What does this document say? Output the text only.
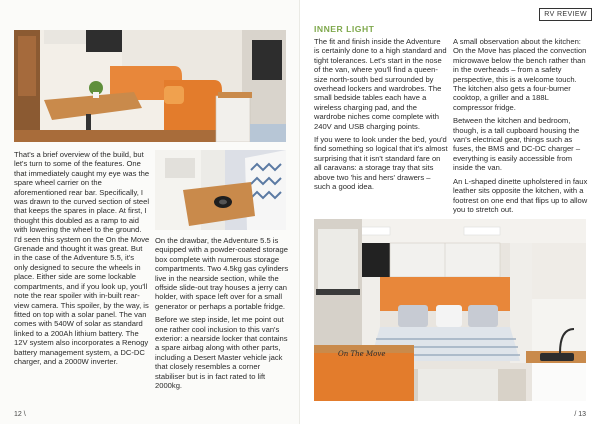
That's a brief overview of the build, but let's turn to some of the features. One that immediately caught my eye was the spare wheel carrier on the aforementioned rear bar. Specifically, I was drawn to the curved section of steel that keeps the spares in place. At first, I thought this doubled as a ramp to aid with lowering the wheel to the ground. I'd seen this system on the On the Move Grenade and thought it was great. But in the case of the Adventure 5.5, it's only designed to secure the wheels in place. Either side are some lockable compartments, and if you look up, you'll note the rear spoiler with in-built rear-view camera. This spoiler, by the way, is fitted on top with a solar panel. The van comes with 540W of solar as standard linked to a 200Ah lithium battery. The 12V system also incorporates a Renogy battery management system, a DC-DC charger, and a 2000W inverter.

On the drawbar, the Adventure 5.5 is equipped with a powder-coated storage box complete with numerous storage compartments. Two 4.5kg gas cylinders live in the nearside section, while the offside slide-out tray houses a jerry can holder, with space left over for a small generator or perhaps a portable fridge.

Before we step inside, let me point out one rather cool inclusion to this van's exterior: a nearside locker that contains a spare airbag along with other parts, including a Desert Master vehicle jack that closely resembles a corner stabiliser but is in fact rated to lift 2000kg.

12 \
RV REVIEW
INNER LIGHT

The fit and finish inside the Adventure is certainly done to a high standard and tight tolerances. Let's start in the nose of the van, where you'll find a queen-size north-south bed surrounded by overhead lockers and wardrobes. The small bedside tables each have a wireless charging pad, and the wardrobe niches come complete with 240V and USB charging points.

If you were to look under the bed, you'd find something so logical that it's almost surprising that it isn't standard fare on all caravans: a storage tray that sits above two 'his and hers' drawers – such a good idea.

A small observation about the kitchen: On the Move has placed the convection microwave below the bench rather than in the overheads – from a safety perspective, this is a welcome touch. The kitchen also gets a four-burner cooktop, a griller and a 188L compressor fridge.

Between the kitchen and bedroom, though, is a tall cupboard housing the van's electrical gear, things such as fuses, the BMS and DC-DC charger – everything is easily accessible from inside the van.

An L-shaped dinette upholstered in faux leather sits opposite the kitchen, with a footrest on one end that flips up to allow you to stretch out.

On The Move
/ 13
